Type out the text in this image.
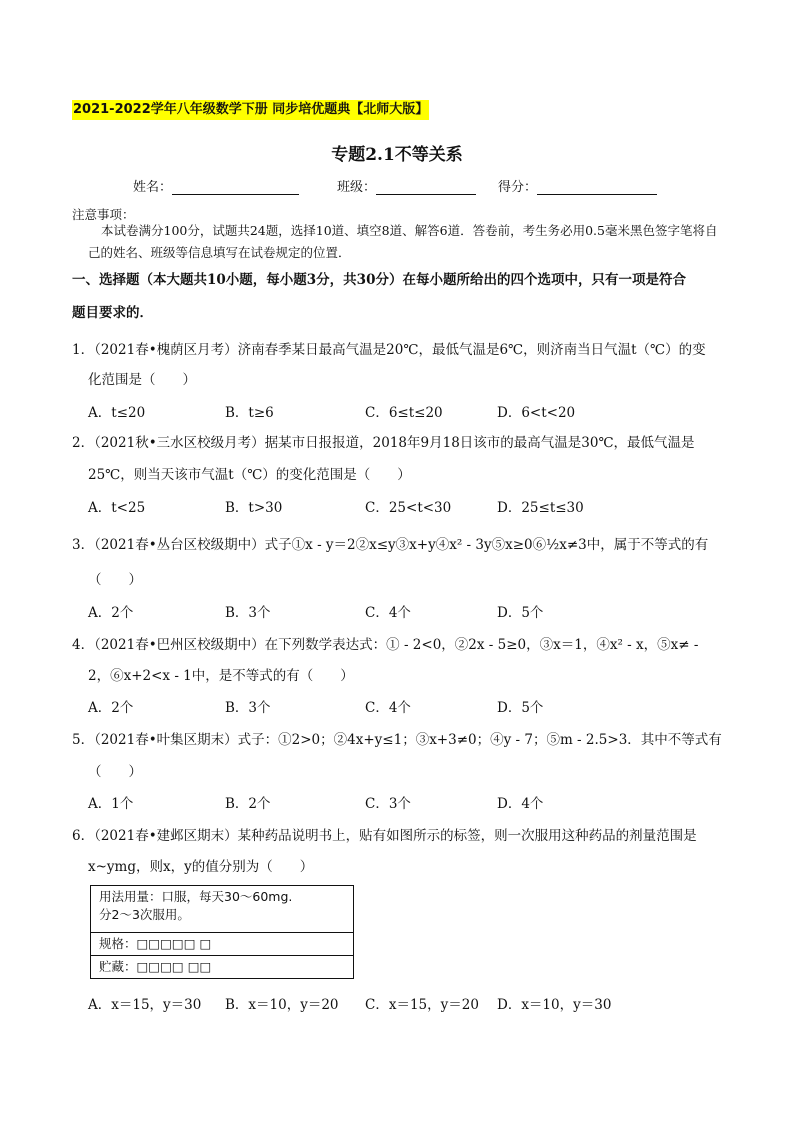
2021-2022学年八年级数学下册 同步培优题典【北师大版】
专题2.1不等关系
姓名：	班级：	得分：
注意事项：
本试卷满分100分，试题共24题，选择10道、填空8道、解答6道．答卷前，考生务必用0.5毫米黑色签字笔将自己的姓名、班级等信息填写在试卷规定的位置．
一、选择题（本大题共10小题，每小题3分，共30分）在每小题所给出的四个选项中，只有一项是符合
题目要求的．
1．（2021春•槐荫区月考）济南春季某日最高气温是20℃，最低气温是6℃，则济南当日气温t（℃）的变
化范围是（　　）
A．t≤20	B．t≥6	C．6≤t≤20	D．6<t<20
2．（2021秋•三水区校级月考）据某市日报报道，2018年9月18日该市的最高气温是30℃，最低气温是
25℃，则当天该市气温t（℃）的变化范围是（　　）
A．t<25	B．t>30	C．25<t<30	D．25≤t≤30
3．（2021春•丛台区校级期中）式子①x - y＝2②x≤y③x+y④x² - 3y⑤x≥0⑥½x≠3中，属于不等式的有
（　　）
A．2个	B．3个	C．4个	D．5个
4．（2021春•巴州区校级期中）在下列数学表达式：① - 2<0，②2x - 5≥0，③x＝1，④x² - x，⑤x≠ -
2，⑥x+2<x - 1中，是不等式的有（　　）
A．2个	B．3个	C．4个	D．5个
5．（2021春•叶集区期末）式子：①2>0；②4x+y≤1；③x+3≠0；④y - 7；⑤m - 2.5>3．其中不等式有
（　　）
A．1个	B．2个	C．3个	D．4个
6．（2021春•建邺区期末）某种药品说明书上，贴有如图所示的标签，则一次服用这种药品的剂量范围是
x~ymg，则x，y的值分别为（　　）
用法用量：口服，每天30～60mg.
分2～3次服用。
规格：□□□□□ □
贮藏：□□□□ □□
A．x＝15，y＝30 B．x＝10，y＝20 C．x＝15，y＝20 D．x＝10，y＝30
